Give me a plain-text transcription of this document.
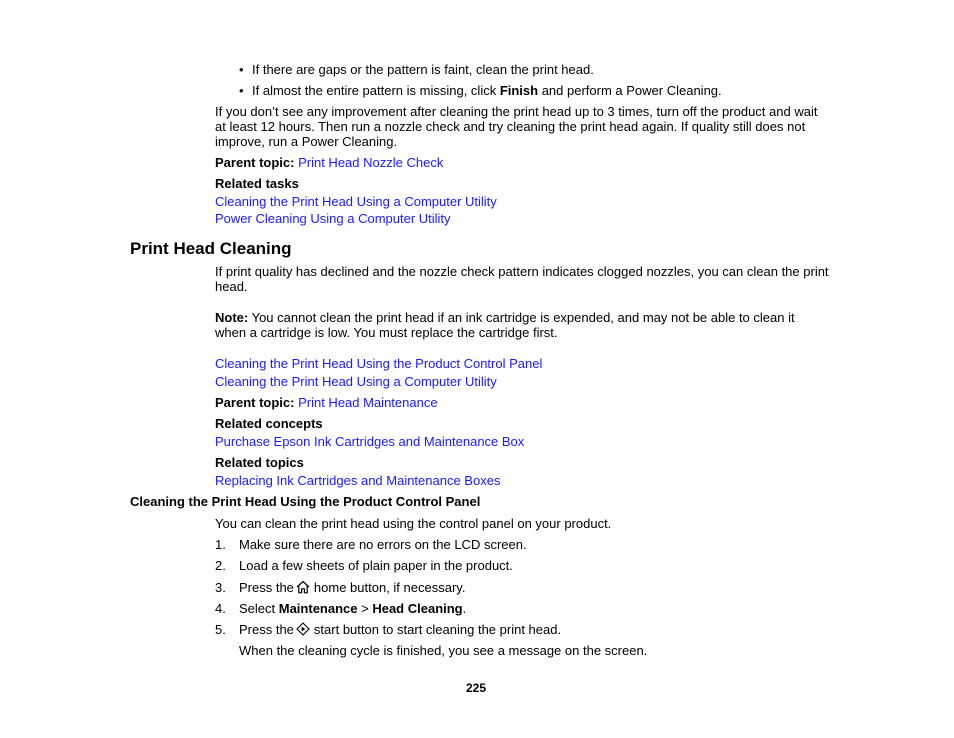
• If there are gaps or the pattern is faint, clean the print head.
• If almost the entire pattern is missing, click Finish and perform a Power Cleaning.
If you don’t see any improvement after cleaning the print head up to 3 times, turn off the product and wait at least 12 hours. Then run a nozzle check and try cleaning the print head again. If quality still does not improve, run a Power Cleaning.
Parent topic: Print Head Nozzle Check
Related tasks
Cleaning the Print Head Using a Computer Utility
Power Cleaning Using a Computer Utility
Print Head Cleaning
If print quality has declined and the nozzle check pattern indicates clogged nozzles, you can clean the print head.
Note: You cannot clean the print head if an ink cartridge is expended, and may not be able to clean it when a cartridge is low. You must replace the cartridge first.
Cleaning the Print Head Using the Product Control Panel
Cleaning the Print Head Using a Computer Utility
Parent topic: Print Head Maintenance
Related concepts
Purchase Epson Ink Cartridges and Maintenance Box
Related topics
Replacing Ink Cartridges and Maintenance Boxes
Cleaning the Print Head Using the Product Control Panel
You can clean the print head using the control panel on your product.
1. Make sure there are no errors on the LCD screen.
2. Load a few sheets of plain paper in the product.
3. Press the home button, if necessary.
4. Select Maintenance > Head Cleaning.
5. Press the start button to start cleaning the print head.
When the cleaning cycle is finished, you see a message on the screen.
225
